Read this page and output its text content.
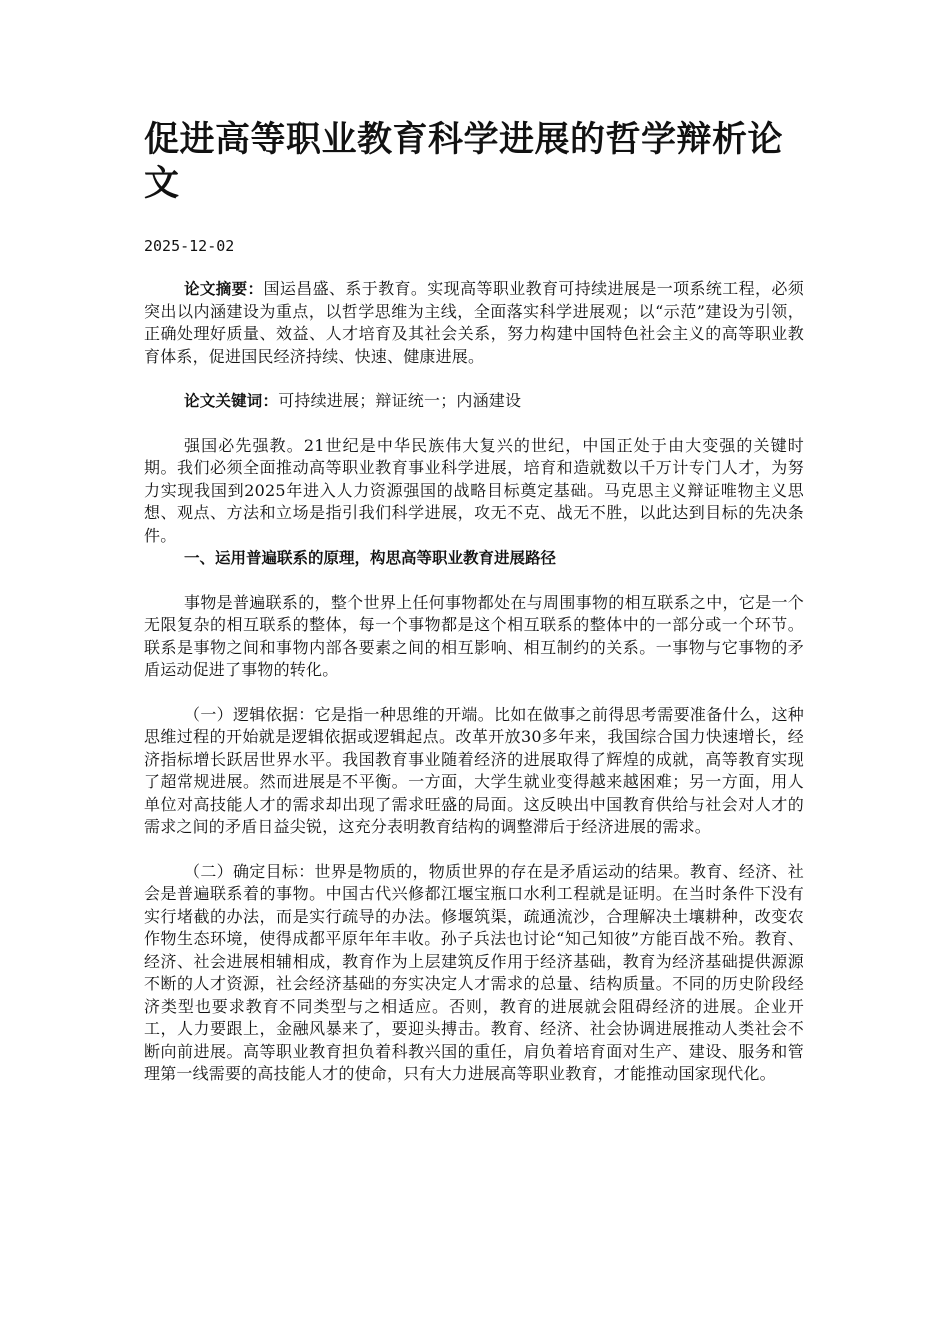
促进高等职业教育科学进展的哲学辩析论文
2025-12-02

论文摘要：国运昌盛、系于教育。实现高等职业教育可持续进展是一项系统工程，必须突出以内涵建设为重点，以哲学思维为主线，全面落实科学进展观；以“示范”建设为引领，正确处理好质量、效益、人才培育及其社会关系，努力构建中国特色社会主义的高等职业教育体系，促进国民经济持续、快速、健康进展。

论文关键词：可持续进展；辩证统一；内涵建设

强国必先强教。21世纪是中华民族伟大复兴的世纪，中国正处于由大变强的关键时期。我们必须全面推动高等职业教育事业科学进展，培育和造就数以千万计专门人才，为努力实现我国到2025年进入人力资源强国的战略目标奠定基础。马克思主义辩证唯物主义思想、观点、方法和立场是指引我们科学进展，攻无不克、战无不胜，以此达到目标的先决条件。

一、运用普遍联系的原理，构思高等职业教育进展路径

事物是普遍联系的，整个世界上任何事物都处在与周围事物的相互联系之中，它是一个无限复杂的相互联系的整体，每一个事物都是这个相互联系的整体中的一部分或一个环节。联系是事物之间和事物内部各要素之间的相互影响、相互制约的关系。一事物与它事物的矛盾运动促进了事物的转化。

（一）逻辑依据：它是指一种思维的开端。比如在做事之前得思考需要准备什么，这种思维过程的开始就是逻辑依据或逻辑起点。改革开放30多年来，我国综合国力快速增长，经济指标增长跃居世界水平。我国教育事业随着经济的进展取得了辉煌的成就，高等教育实现了超常规进展。然而进展是不平衡。一方面，大学生就业变得越来越困难；另一方面，用人单位对高技能人才的需求却出现了需求旺盛的局面。这反映出中国教育供给与社会对人才的需求之间的矛盾日益尖锐，这充分表明教育结构的调整滞后于经济进展的需求。

（二）确定目标：世界是物质的，物质世界的存在是矛盾运动的结果。教育、经济、社会是普遍联系着的事物。中国古代兴修都江堰宝瓶口水利工程就是证明。在当时条件下没有实行堵截的办法，而是实行疏导的办法。修堰筑渠，疏通流沙，合理解决土壤耕种，改变农作物生态环境，使得成都平原年年丰收。孙子兵法也讨论“知己知彼”方能百战不殆。教育、经济、社会进展相辅相成，教育作为上层建筑反作用于经济基础，教育为经济基础提供源源不断的人才资源，社会经济基础的夯实决定人才需求的总量、结构质量。不同的历史阶段经济类型也要求教育不同类型与之相适应。否则，教育的进展就会阻碍经济的进展。企业开工，人力要跟上，金融风暴来了，要迎头搏击。教育、经济、社会协调进展推动人类社会不断向前进展。高等职业教育担负着科教兴国的重任，肩负着培育面对生产、建设、服务和管理第一线需要的高技能人才的使命，只有大力进展高等职业教育，才能推动国家现代化。
